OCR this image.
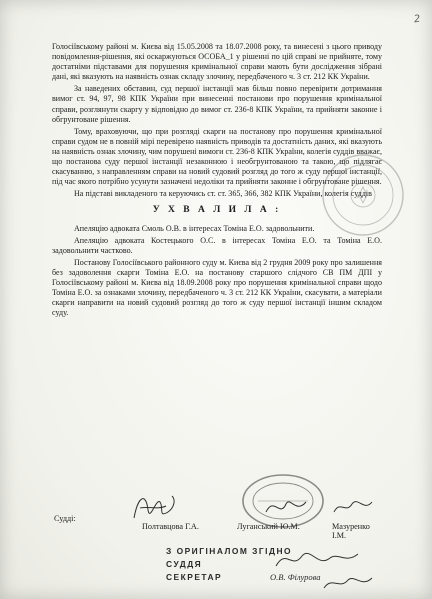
2

Голосіївському районі м. Києва від 15.05.2008 та 18.07.2008 року, та винесені з цього приводу повідомлення-рішення, які оскаржуються ОСОБА_1 у рішенні по цій справі не прийняте, тому достатніми підставами для порушення кримінальної справи мають бути дослідження зібрані дані, які вказують на наявність ознак складу злочину, передбаченого ч. 3 ст. 212 КК України.

За наведених обставин, суд першої інстанції мав більш повно перевірити дотримання вимог ст. 94, 97, 98 КПК України при винесенні постанови про порушення кримінальної справи, розглянути скаргу у відповідно до вимог ст. 236-8 КПК України, та прийняти законне і обгрунтоване рішення.

Тому, враховуючи, що при розгляді скарги на постанову про порушення кримінальної справи судом не в повній мірі перевірено наявність приводів та достатність даних, які вказують на наявність ознак злочину, чим порушені вимоги ст. 236-8 КПК України, колегія суддів вважає, що постанова суду першої інстанції незаконною і необгрунтованою та такою, що підлягає скасуванню, з направленням справи на новий судовий розгляд до того ж суду першої інстанції, під час якого потрібно усунути зазначені недоліки та прийняти законне і обгрунтоване рішення.

На підставі викладеного та керуючись ст. ст. 365, 366, 382 КПК України, колегія суддів

У Х В А Л И Л А :

Апеляцію адвоката Смоль О.В. в інтересах Томіна Е.О. задовольнити.

Апеляцію адвоката Костецького О.С. в інтересах Томіна Е.О. та Томіна Е.О. задовольнити частково.

Постанову Голосіївського районного суду м. Києва від 2 грудня 2009 року про залишення без задоволення скарги Томіна Е.О. на постанову старшого слідчого СВ ПМ ДПІ у Голосіївському районі м. Києва від 18.09.2008 року про порушення кримінальної справи щодо Томіна Е.О. за ознаками злочину, передбаченого ч. 3 ст. 212 КК України, скасувати, а матеріали скарги направити на новий судовий розгляд до того ж суду першої інстанції іншим складом суду.

Судді:
Полтавцова Г.А.	Луганський Ю.М.	Мазуренко І.М.
З ОРИГІНАЛОМ ЗГІДНО
СУДДЯ
СЕКРЕТАР	О.В. Філурова
